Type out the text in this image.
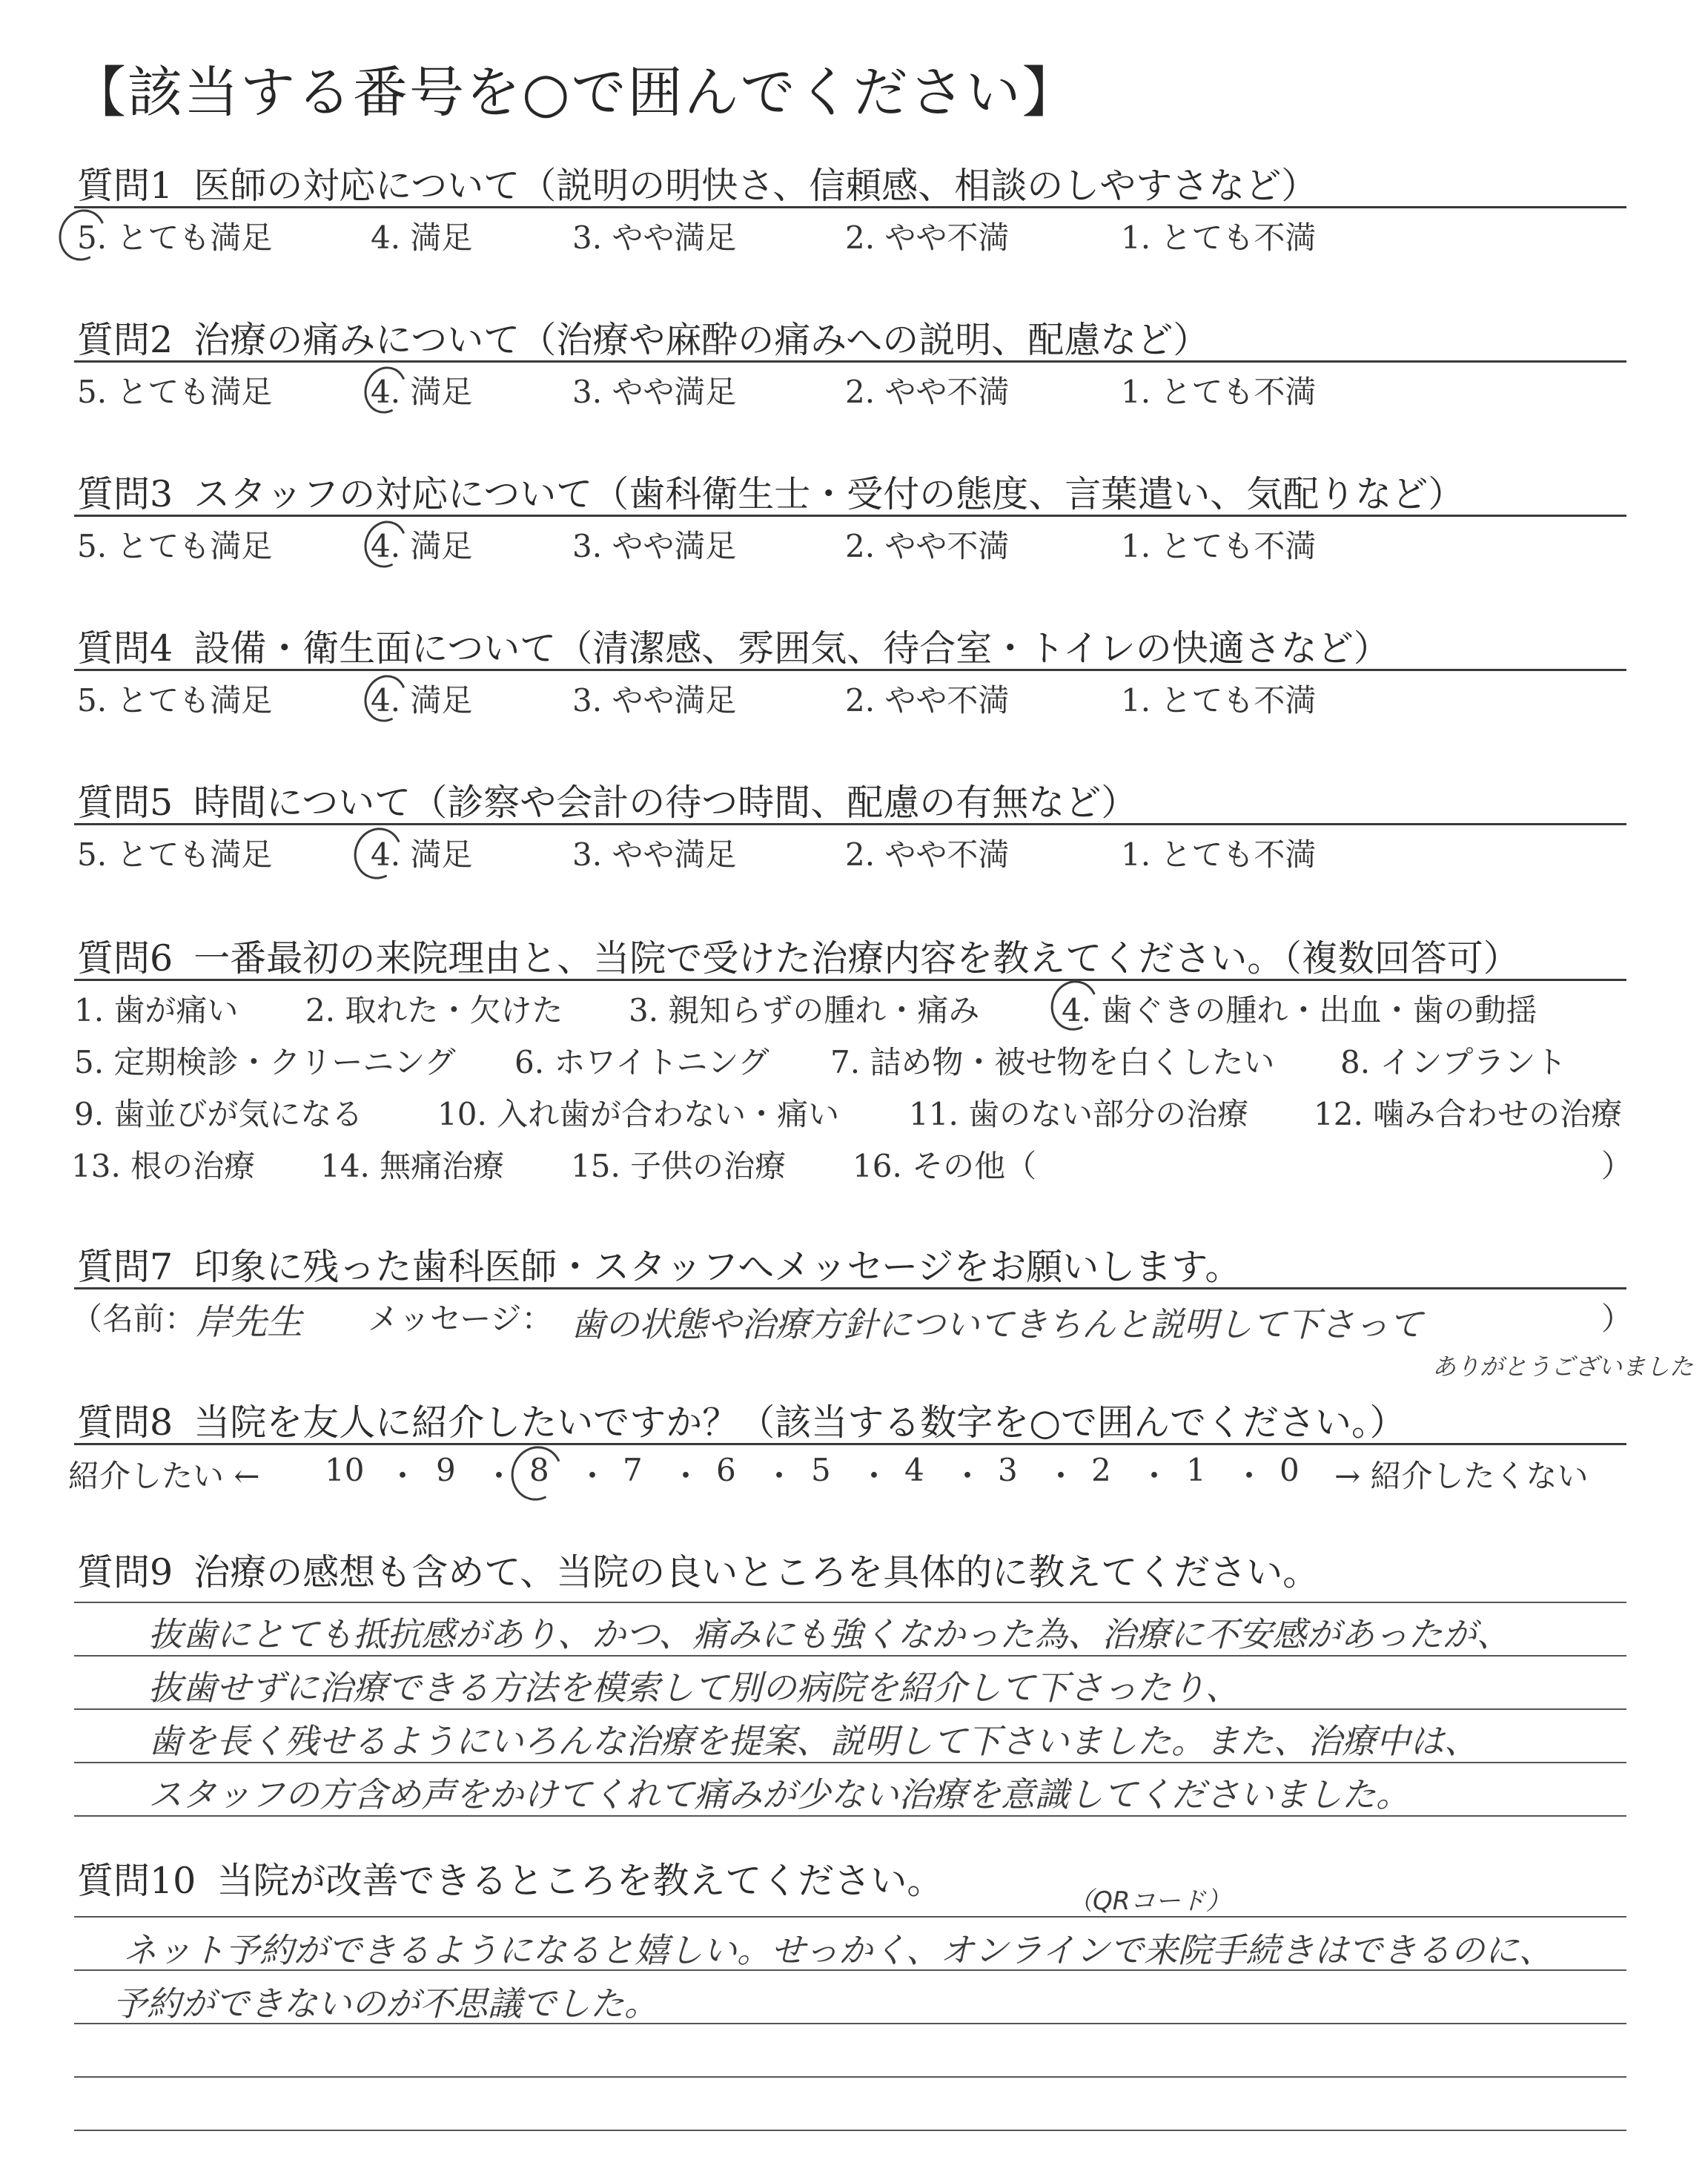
【該当する番号を○で囲んでください】
質問1 医師の対応について（説明の明快さ、信頼感、相談のしやすさなど）
5. とても満足	4. 満足	3. やや満足	2. やや不満	1. とても不満
質問2 治療の痛みについて（治療や麻酔の痛みへの説明、配慮など）
5. とても満足	4. 満足	3. やや満足	2. やや不満	1. とても不満
質問3 スタッフの対応について（歯科衛生士・受付の態度、言葉遣い、気配りなど）
5. とても満足	4. 満足	3. やや満足	2. やや不満	1. とても不満
質問4 設備・衛生面について（清潔感、雰囲気、待合室・トイレの快適さなど）
5. とても満足	4. 満足	3. やや満足	2. やや不満	1. とても不満
質問5 時間について（診察や会計の待つ時間、配慮の有無など）
5. とても満足	4. 満足	3. やや満足	2. やや不満	1. とても不満
質問6 一番最初の来院理由と、当院で受けた治療内容を教えてください。（複数回答可）
1. 歯が痛い 2. 取れた・欠けた 3. 親知らずの腫れ・痛み	4. 歯ぐきの腫れ・出血・歯の動揺
5. 定期検診・クリーニング 6. ホワイトニング 7. 詰め物・被せ物を白くしたい 8. インプラント
9. 歯並びが気になる 10. 入れ歯が合わない・痛い 11. 歯のない部分の治療 12. 噛み合わせの治療
13. 根の治療 14. 無痛治療 15. 子供の治療 16. その他（	）
質問7 印象に残った歯科医師・スタッフへメッセージをお願いします。
（名前： 岸先生 メッセージ： 歯の状態や治療方針についてきちんと説明して下さって	）
ありがとうございました
質問8 当院を友人に紹介したいですか？（該当する数字を○で囲んでください。）
紹介したい ← 10 ・ 9 ・ 8 ・ 7 ・ 6 ・ 5 ・ 4 ・ 3 ・ 2 ・ 1 ・ 0 → 紹介したくない
質問9 治療の感想も含めて、当院の良いところを具体的に教えてください。
抜歯にとても抵抗感があり、かつ、痛みにも強くなかった為、治療に不安感があったが、
抜歯せずに治療できる方法を模索して別の病院を紹介して下さったり、
歯を長く残せるようにいろんな治療を提案、説明して下さいました。また、治療中は、
スタッフの方含め声をかけてくれて痛みが少ない治療を意識してくださいました。
質問10 当院が改善できるところを教えてください。	（QRコード）
ネット予約ができるようになると嬉しい。せっかく、オンラインで来院手続きはできるのに、
予約ができないのが不思議でした。
